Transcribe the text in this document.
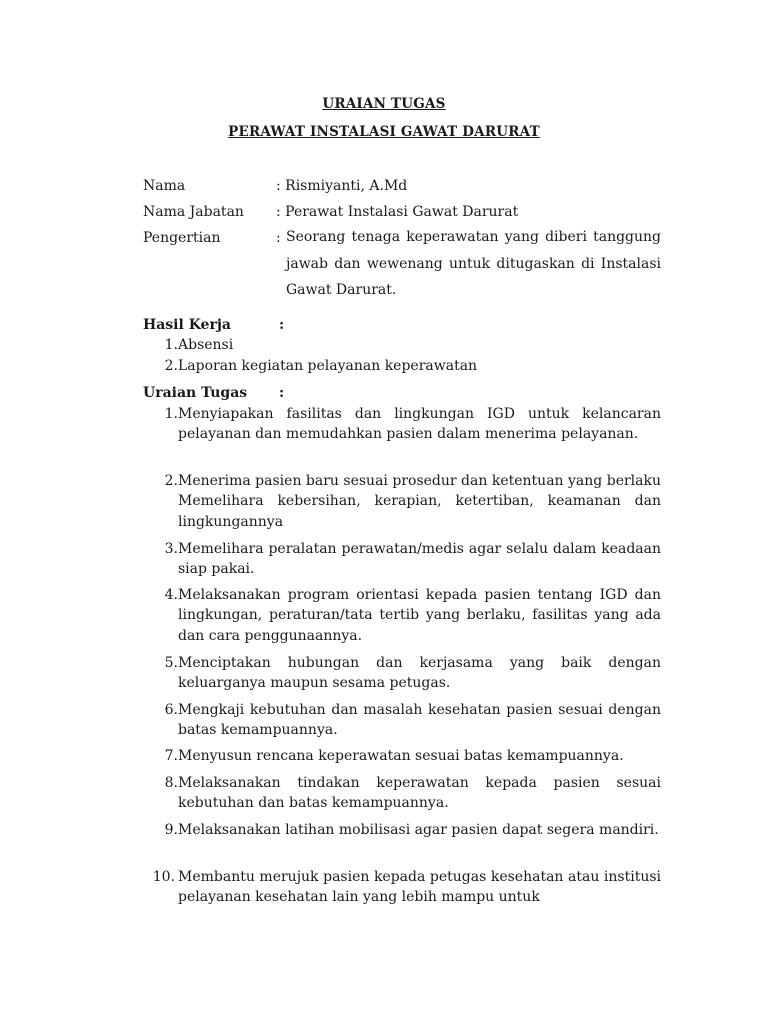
URAIAN TUGAS
PERAWAT INSTALASI GAWAT DARURAT
Nama	: Rismiyanti, A.Md
Nama Jabatan : Perawat Instalasi Gawat Darurat
Pengertian	: Seorang tenaga keperawatan yang diberi tanggung jawab dan wewenang untuk ditugaskan di Instalasi Gawat Darurat.
Hasil Kerja	:
1. Absensi
2. Laporan kegiatan pelayanan keperawatan
Uraian Tugas :
1. Menyiapakan fasilitas dan lingkungan IGD untuk kelancaran pelayanan dan memudahkan pasien dalam menerima pelayanan.
2. Menerima pasien baru sesuai prosedur dan ketentuan yang berlaku Memelihara kebersihan, kerapian, ketertiban, keamanan dan lingkungannya
3. Memelihara peralatan perawatan/medis agar selalu dalam keadaan siap pakai.
4. Melaksanakan program orientasi kepada pasien tentang IGD dan lingkungan, peraturan/tata tertib yang berlaku, fasilitas yang ada dan cara penggunaannya.
5. Menciptakan hubungan dan kerjasama yang baik dengan keluarganya maupun sesama petugas.
6. Mengkaji kebutuhan dan masalah kesehatan pasien sesuai dengan batas kemampuannya.
7. Menyusun rencana keperawatan sesuai batas kemampuannya.
8. Melaksanakan tindakan keperawatan kepada pasien sesuai kebutuhan dan batas kemampuannya.
9. Melaksanakan latihan mobilisasi agar pasien dapat segera mandiri.
10. Membantu merujuk pasien kepada petugas kesehatan atau institusi pelayanan kesehatan lain yang lebih mampu untuk
